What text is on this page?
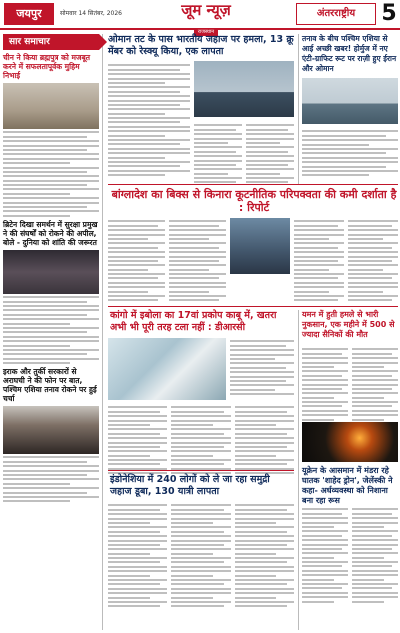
जयपुर	सोमवार 14 सितंबर, 2026	जूम न्यूज़
राजस्थान
अंतरराष्ट्रीय	5
सार समाचार
चीन ने किया ब्रह्मपुत्र को मजबूत करने में सफलतापूर्वक मुहिम निभाई
ब्रिटेन दिखा समर्थन में सुरक्षा प्रमुख ने की संघर्षों को रोकने की अपील, बोले - दुनिया को शांति की जरूरत
इराक और तुर्की सरकारों से अराघची ने की फोन पर बात, पश्चिम एशिया तनाव रोकने पर हुई चर्चा
ओमान तट के पास भारतीय जहाज पर हमला, 13 क्रू मेंबर को रेस्क्यू किया, एक लापता
तनाव के बीच पश्चिम एशिया से आई अच्छी खबर! होर्मुज में नए एंटी-ग्राफिट रूट पर राज़ी हुए ईरान और ओमान
बांग्लादेश का बिक्स से किनारा कूटनीतिक परिपक्वता की कमी दर्शाता है : रिपोर्ट
कांगो में इबोला का 17वां प्रकोप काबू में, खतरा अभी भी पूरी तरह टला नहीं : डीआरसी
यमन में हुती हमले से भारी नुकसान, एक महीने में 500 से ज्यादा सैनिकों की मौत
यूक्रेन के आसमान में मंडरा रहे घातक 'शाहेद ड्रोन', जेलेंस्की ने कहा- अर्धव्यवस्था को निशाना बना रहा रूस
इंडोनेशिया में 240 लोगों को ले जा रहा समुद्री जहाज डूबा, 130 यात्री लापता
